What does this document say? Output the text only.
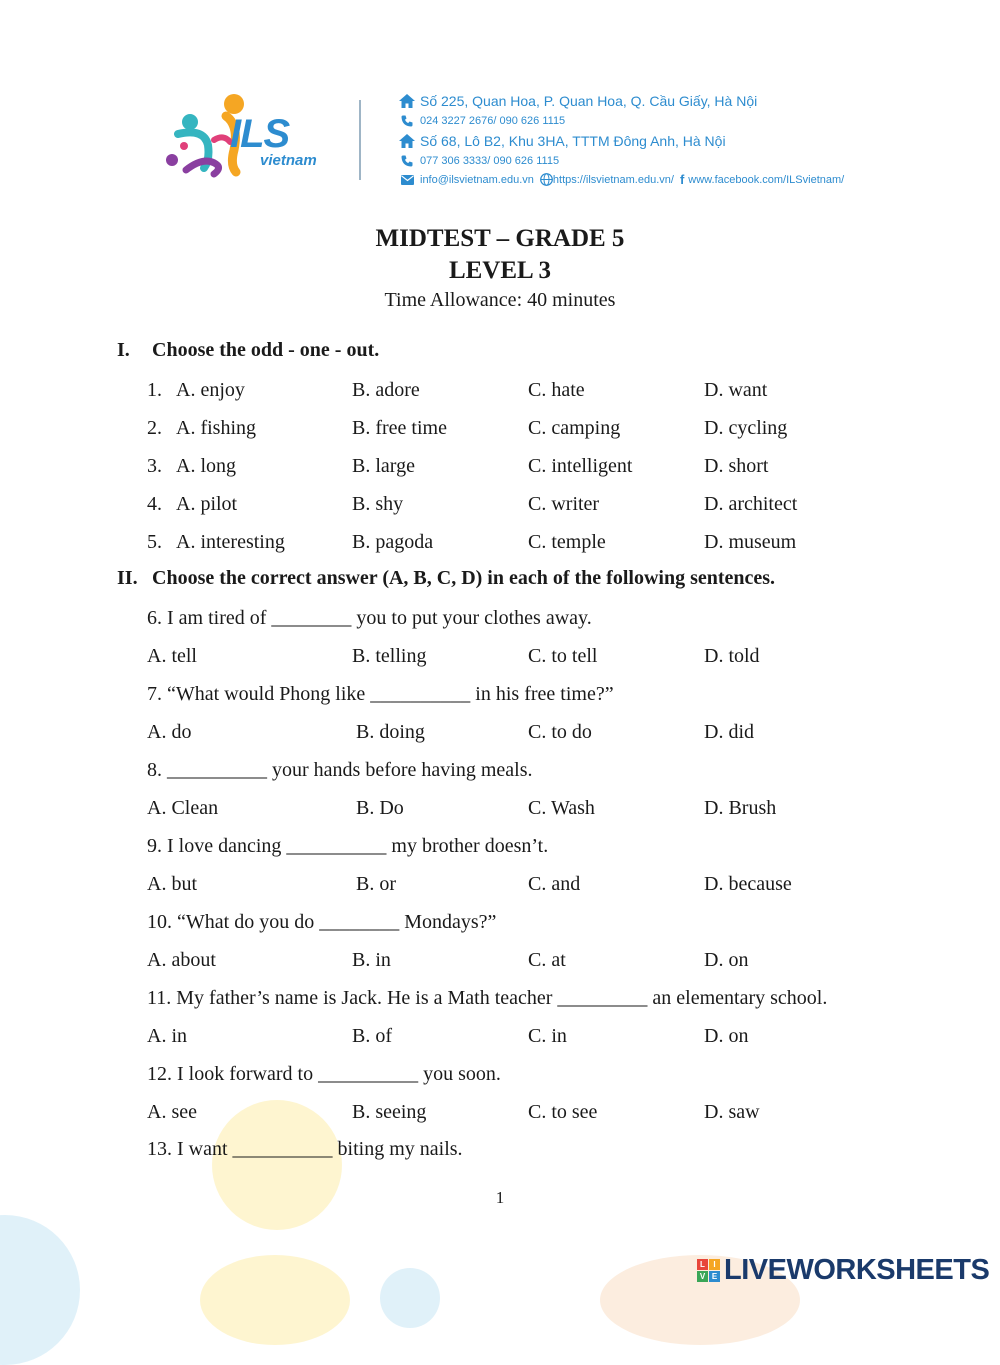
ILS
vietnam
Số 225, Quan Hoa, P. Quan Hoa, Q. Cầu Giấy, Hà Nội
024 3227 2676/ 090 626 1115
Số 68, Lô B2, Khu 3HA, TTTM Đông Anh, Hà Nội
077 306 3333/ 090 626 1115
info@ilsvietnam.edu.vn https://ilsvietnam.edu.vn/ f www.facebook.com/ILSvietnam/
MIDTEST – GRADE 5
LEVEL 3
Time Allowance: 40 minutes
I.	Choose the odd - one - out.
1. A. enjoy	B. adore	C. hate	D. want
2. A. fishing	B. free time	C. camping	D. cycling
3. A. long	B. large	C. intelligent	D. short
4. A. pilot	B. shy	C. writer	D. architect
5. A. interesting	B. pagoda	C. temple	D. museum
II. Choose the correct answer (A, B, C, D) in each of the following sentences.
6. I am tired of ________ you to put your clothes away.
A. tell	B. telling	C. to tell	D. told
7. “What would Phong like __________ in his free time?”
A. do	B. doing	C. to do	D. did
8. __________ your hands before having meals.
A. Clean	B. Do	C. Wash	D. Brush
9. I love dancing __________ my brother doesn’t.
A. but	B. or	C. and	D. because
10. “What do you do ________ Mondays?”
A. about	B. in	C. at	D. on
11. My father’s name is Jack. He is a Math teacher _________ an elementary school.
A. in	B. of	C. in	D. on
12. I look forward to __________ you soon.
A. see	B. seeing	C. to see	D. saw
13. I want __________ biting my nails.
1
L	I
V E LIVEWORKSHEETS
